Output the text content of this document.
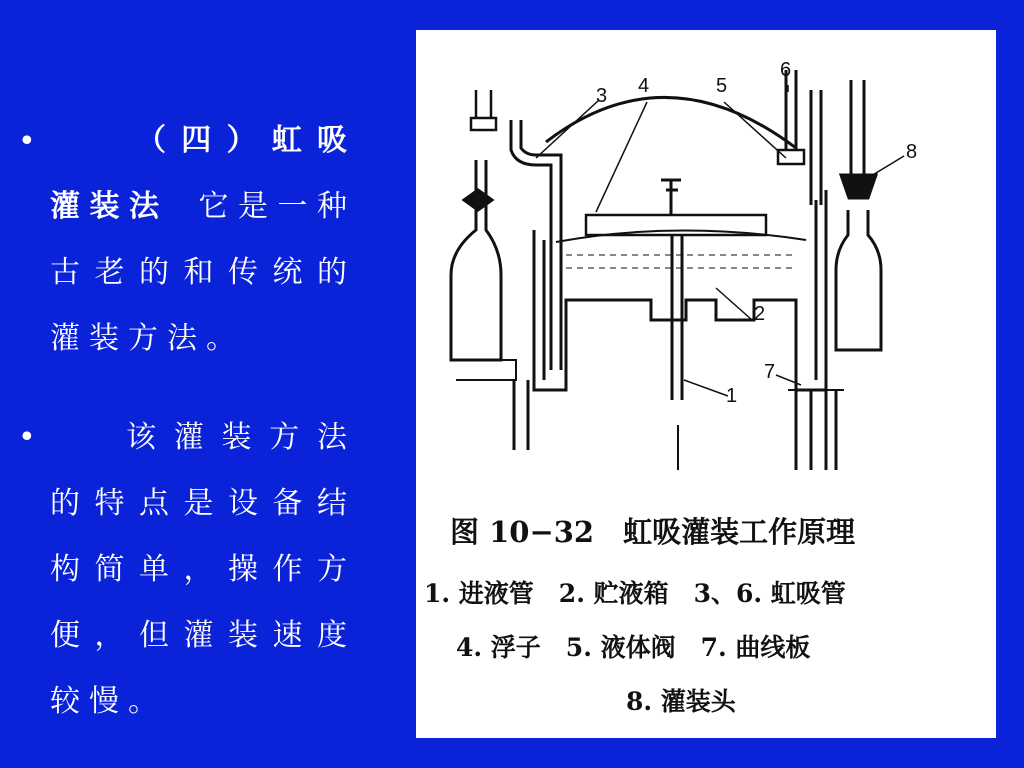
•
•
（四）虹吸灌装法 它是一种古老的和传统的灌装方法。
该灌装方法的特点是设备结构简单，操作方便，但灌装速度较慢。
1
2
3 4	5
6
7
8
图 10−32　虹吸灌装工作原理
1. 进液管　2. 贮液箱　3、6. 虹吸管
4. 浮子　5. 液体阀　7. 曲线板
8. 灌装头
